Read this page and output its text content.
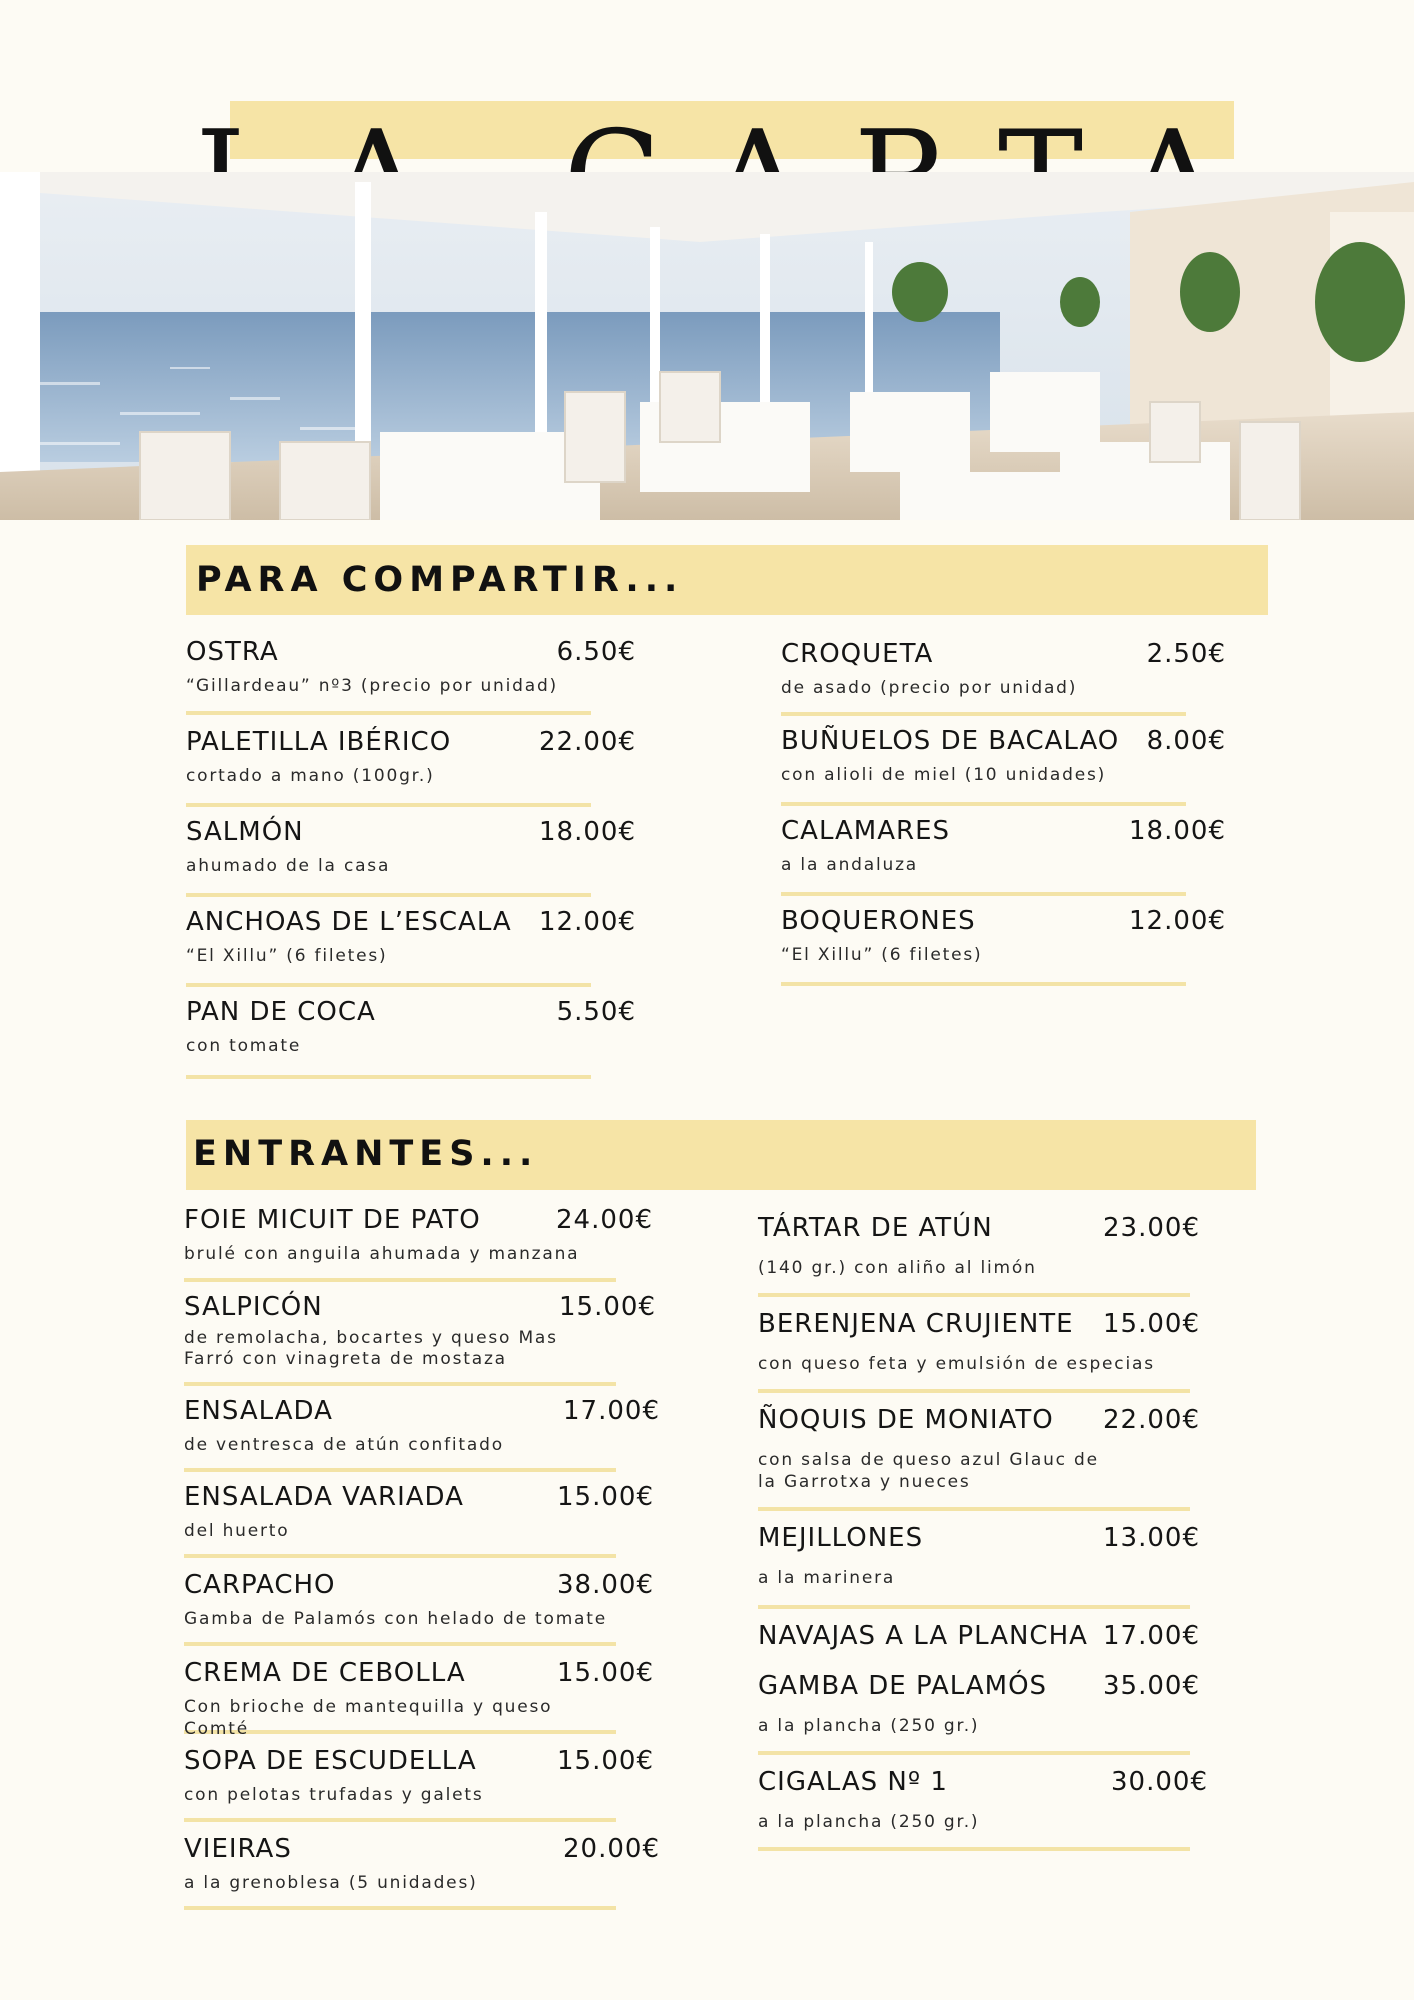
PARA COMPARTIR...
OSTRA	6.50€
“Gillardeau” nº3 (precio por unidad)
PALETILLA IBÉRICO	22.00€
cortado a mano (100gr.)
SALMÓN	18.00€
ahumado de la casa
ANCHOAS DE L’ESCALA 12.00€
“El Xillu” (6 filetes)
PAN DE COCA	5.50€
con tomate
CROQUETA	2.50€
de asado (precio por unidad)
BUÑUELOS DE BACALAO 8.00€
con alioli de miel (10 unidades)
CALAMARES	18.00€
a la andaluza
BOQUERONES	12.00€
“El Xillu” (6 filetes)
ENTRANTES...
FOIE MICUIT DE PATO	24.00€
brulé con anguila ahumada y manzana
SALPICÓN	15.00€
de remolacha, bocartes y queso Mas Farró con vinagreta de mostaza
ENSALADA	17.00€
de ventresca de atún confitado
ENSALADA VARIADA	15.00€
del huerto
CARPACHO	38.00€
Gamba de Palamós con helado de tomate
CREMA DE CEBOLLA	15.00€
Con brioche de mantequilla y queso Comté
SOPA DE ESCUDELLA	15.00€
con pelotas trufadas y galets
VIEIRAS	20.00€
a la grenoblesa (5 unidades)
TÁRTAR DE ATÚN	23.00€
(140 gr.) con aliño al limón
BERENJENA CRUJIENTE 15.00€
con queso feta y emulsión de especias
ÑOQUIS DE MONIATO 22.00€
con salsa de queso azul Glauc de la Garrotxa y nueces
MEJILLONES	13.00€
a la marinera
NAVAJAS A LA PLANCHA 17.00€
GAMBA DE PALAMÓS 35.00€
a la plancha (250 gr.)
CIGALAS Nº 1	30.00€
a la plancha (250 gr.)
